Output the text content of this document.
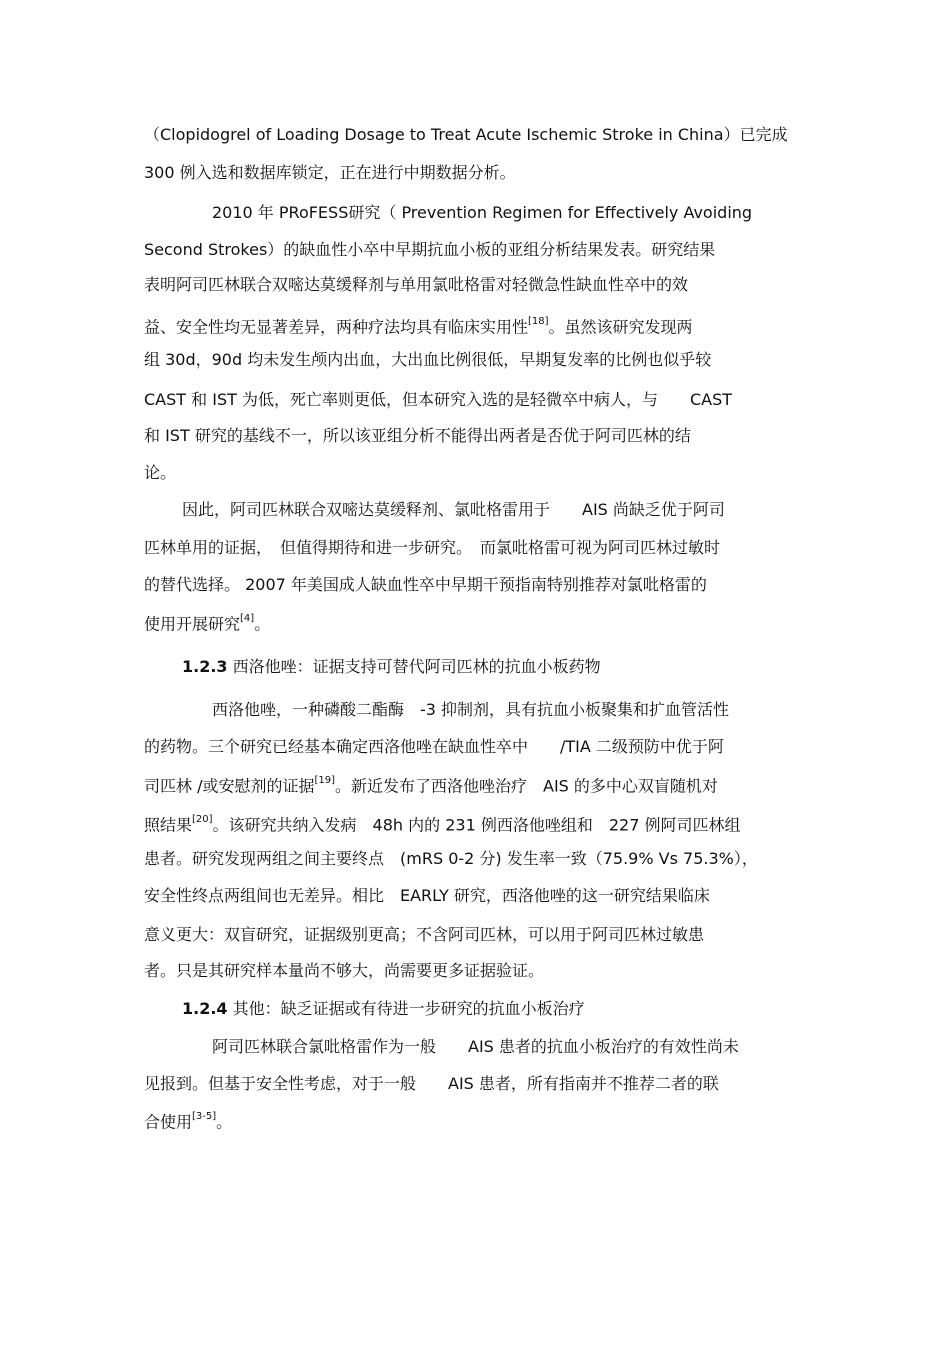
（Clopidogrel of Loading Dosage to Treat Acute Ischemic Stroke in China）已完成
300 例入选和数据库锁定，正在进行中期数据分析。
2010 年 PRoFESS研究（ Prevention Regimen for Effectively Avoiding
Second Strokes）的缺血性小卒中早期抗血小板的亚组分析结果发表。研究结果
表明阿司匹林联合双嘧达莫缓释剂与单用氯吡格雷对轻微急性缺血性卒中的效
益、安全性均无显著差异，两种疗法均具有临床实用性[18]。虽然该研究发现两
组 30d，90d 均未发生颅内出血，大出血比例很低，早期复发率的比例也似乎较
CAST 和 IST 为低，死亡率则更低，但本研究入选的是轻微卒中病人，与　　CAST
和 IST 研究的基线不一，所以该亚组分析不能得出两者是否优于阿司匹林的结
论。
因此，阿司匹林联合双嘧达莫缓释剂、氯吡格雷用于　　AIS 尚缺乏优于阿司
匹林单用的证据，　但值得期待和进一步研究。　而氯吡格雷可视为阿司匹林过敏时
的替代选择。 2007 年美国成人缺血性卒中早期干预指南特别推荐对氯吡格雷的
使用开展研究[4]。
1.2.3 西洛他唑：证据支持可替代阿司匹林的抗血小板药物
西洛他唑，一种磷酸二酯酶　-3 抑制剂，具有抗血小板聚集和扩血管活性
的药物。三个研究已经基本确定西洛他唑在缺血性卒中　　/TIA 二级预防中优于阿
司匹林 /或安慰剂的证据[19]。新近发布了西洛他唑治疗　AIS 的多中心双盲随机对
照结果[20]。该研究共纳入发病　48h 内的 231 例西洛他唑组和　227 例阿司匹林组
患者。研究发现两组之间主要终点　(mRS 0-2 分) 发生率一致（75.9% Vs 75.3%），
安全性终点两组间也无差异。相比　EARLY 研究，西洛他唑的这一研究结果临床
意义更大：双盲研究，证据级别更高；不含阿司匹林，可以用于阿司匹林过敏患
者。只是其研究样本量尚不够大，尚需要更多证据验证。
1.2.4 其他：缺乏证据或有待进一步研究的抗血小板治疗
阿司匹林联合氯吡格雷作为一般　　AIS 患者的抗血小板治疗的有效性尚未
见报到。但基于安全性考虑，对于一般　　AIS 患者，所有指南并不推荐二者的联
合使用[3-5]。
